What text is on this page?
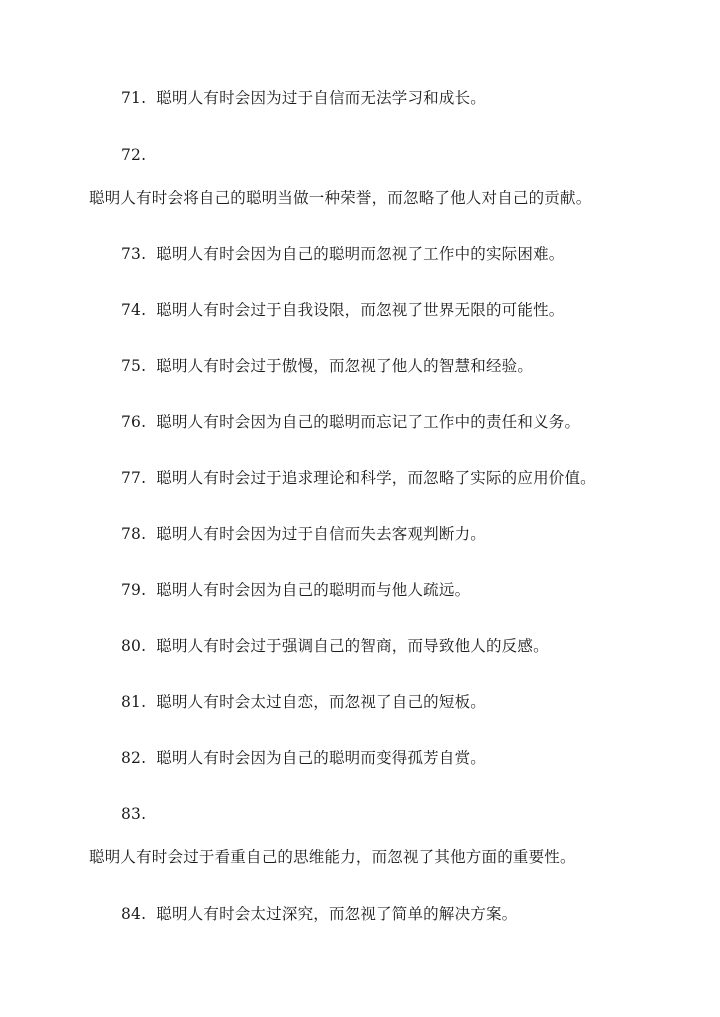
71. 聪明人有时会因为过于自信而无法学习和成长。
72.
聪明人有时会将自己的聪明当做一种荣誉，而忽略了他人对自己的贡献。
73. 聪明人有时会因为自己的聪明而忽视了工作中的实际困难。
74. 聪明人有时会过于自我设限，而忽视了世界无限的可能性。
75. 聪明人有时会过于傲慢，而忽视了他人的智慧和经验。
76. 聪明人有时会因为自己的聪明而忘记了工作中的责任和义务。
77. 聪明人有时会过于追求理论和科学，而忽略了实际的应用价值。
78. 聪明人有时会因为过于自信而失去客观判断力。
79. 聪明人有时会因为自己的聪明而与他人疏远。
80. 聪明人有时会过于强调自己的智商，而导致他人的反感。
81. 聪明人有时会太过自恋，而忽视了自己的短板。
82. 聪明人有时会因为自己的聪明而变得孤芳自赏。
83.
聪明人有时会过于看重自己的思维能力，而忽视了其他方面的重要性。
84. 聪明人有时会太过深究，而忽视了简单的解决方案。
